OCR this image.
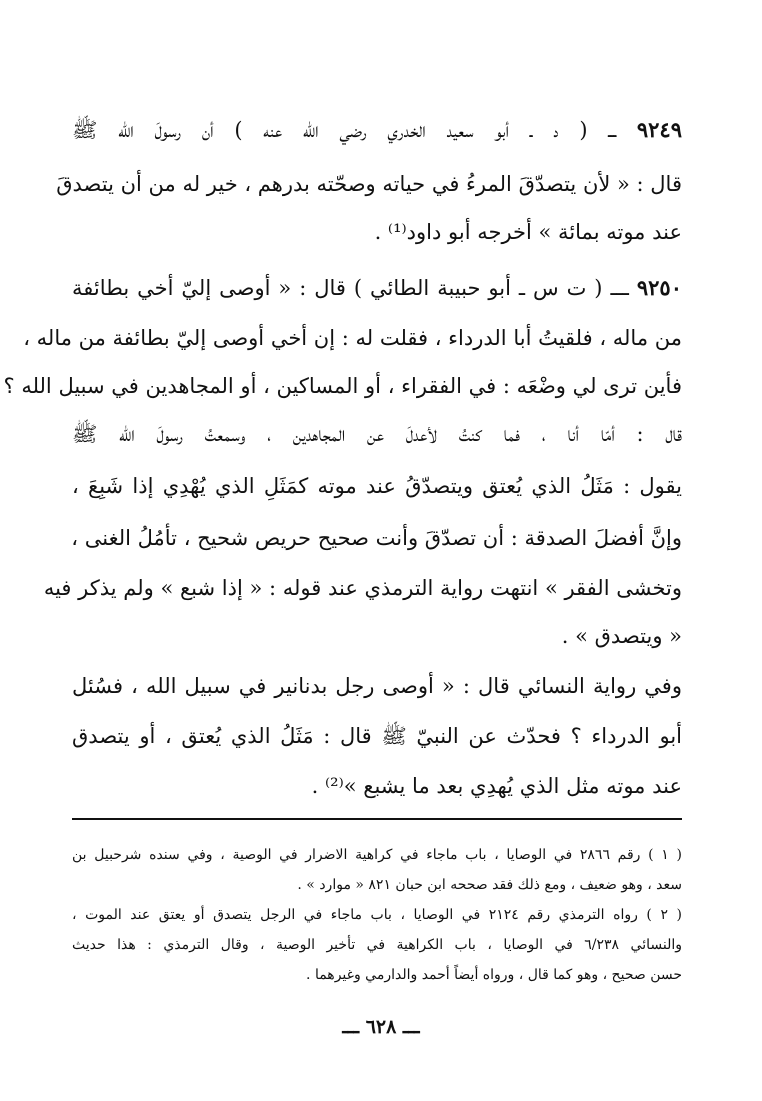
٩٢٤٩ ـــ ( د ـ أبو سعيد الخدري رضي الله عنه ) أن رسولَ الله ﷺ
قال : « لأن يتصدّقَ المرءُ في حياته وصحّته بدرهم ، خير له من أن يتصدقَ
عند موته بمائة » أخرجه أبو داود⁽¹⁾ .
٩٢٥٠ ـــ ( ت س ـ أبو حبيبة الطائي ) قال : « أوصى إليّ أخي بطائفة
من ماله ، فلقيتُ أبا الدرداء ، فقلت له : إن أخي أوصى إليّ بطائفة من ماله ،
فأين ترى لي وضْعَه : في الفقراء ، أو المساكين ، أو المجاهدين في سبيل الله ؟
قال : أمّا أنا ، فما كنتُ لأعدلَ عن المجاهدين ، وسمعتُ رسولَ الله ﷺ
يقول : مَثَلُ الذي يُعتق ويتصدّقُ عند موته كمَثَلِ الذي يُهْدِي إذا شَبِعَ ،
وإنَّ أفضلَ الصدقة : أن تصدّقَ وأنت صحيح حريص شحيح ، تأمُلُ الغنى ،
وتخشى الفقر » انتهت رواية الترمذي عند قوله : « إذا شبع » ولم يذكر فيه
« ويتصدق » .
وفي رواية النسائي قال : « أوصى رجل بدنانير في سبيل الله ، فسُئل
أبو الدرداء ؟ فحدّث عن النبيّ ﷺ قال : مَثَلُ الذي يُعتق ، أو يتصدق
عند موته مثل الذي يُهدِي بعد ما يشبع »⁽²⁾ .
( ١ ) رقم ٢٨٦٦ في الوصايا ، باب ماجاء في كراهية الاضرار في الوصية ، وفي سنده شرحبيل بن
سعد ، وهو ضعيف ، ومع ذلك فقد صححه ابن حبان ٨٢١ « موارد » .
( ٢ ) رواه الترمذي رقم ٢١٢٤ في الوصايا ، باب ماجاء في الرجل يتصدق أو يعتق عند الموت ،
والنسائي ٦/٢٣٨ في الوصايا ، باب الكراهية في تأخير الوصية ، وقال الترمذي : هذا حديث
حسن صحيح ، وهو كما قال ، ورواه أيضاً أحمد والدارمي وغيرهما .
ـــ ٦٢٨ ـــ
